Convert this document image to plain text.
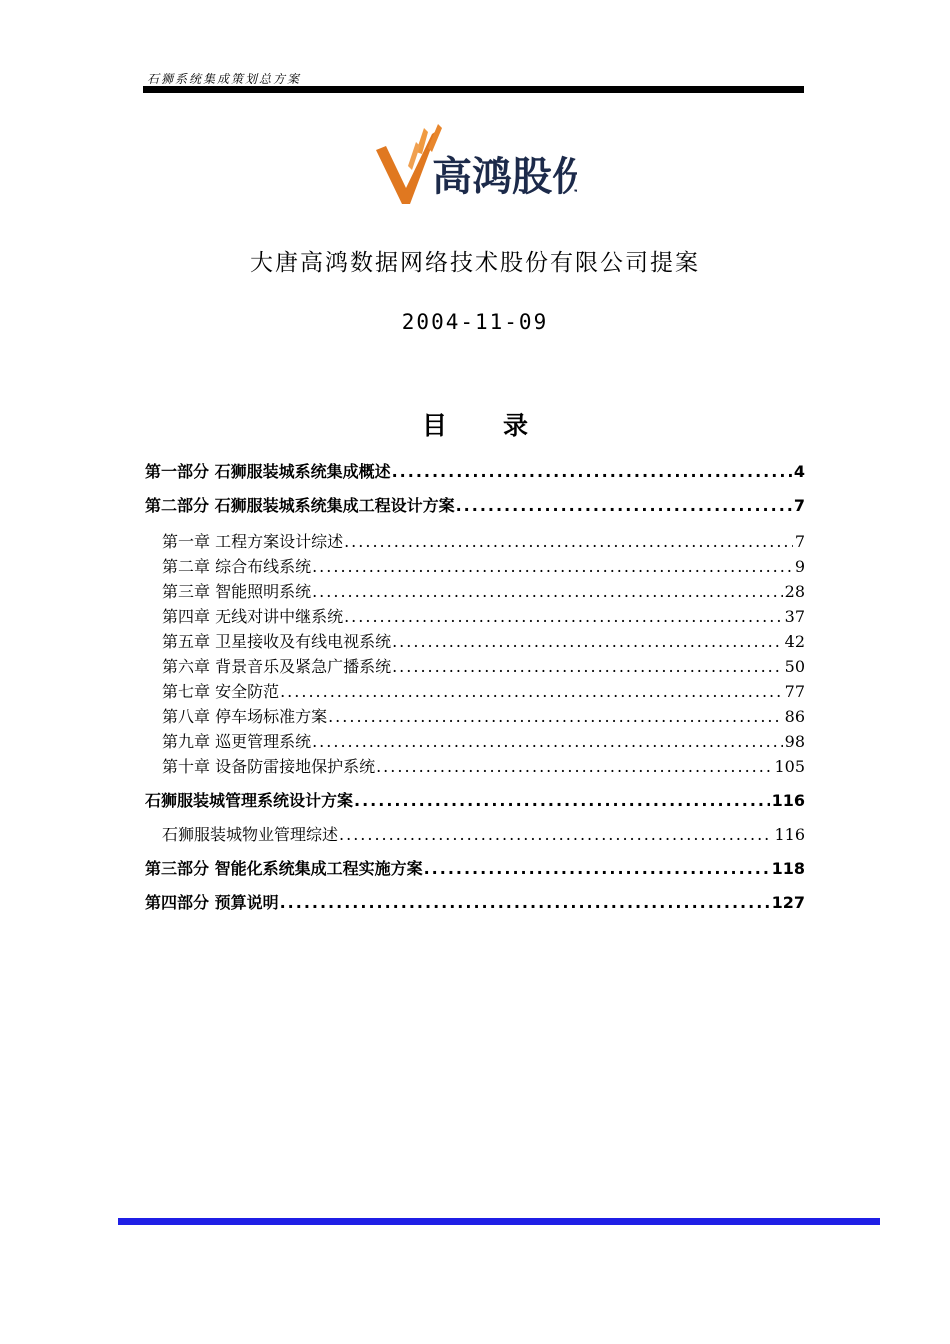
石狮系统集成策划总方案
高鸿股份
大唐高鸿数据网络技术股份有限公司提案
2004-11-09
目 录
第一部分 石狮服装城系统集成概述 .....	4
第二部分 石狮服装城系统集成工程设计方案 .....	7
第一章 工程方案设计综述 .....	7
第二章 综合布线系统 .....	9
第三章 智能照明系统 .....	28
第四章 无线对讲中继系统 .....	37
第五章 卫星接收及有线电视系统 .....	42
第六章 背景音乐及紧急广播系统 .....	50
第七章 安全防范 .....	77
第八章 停车场标准方案 .....	86
第九章 巡更管理系统 .....	98
第十章 设备防雷接地保护系统 .....	105
石狮服装城管理系统设计方案 .....	116
石狮服装城物业管理综述 .....	116
第三部分 智能化系统集成工程实施方案 .....	118
第四部分 预算说明 .....	127
